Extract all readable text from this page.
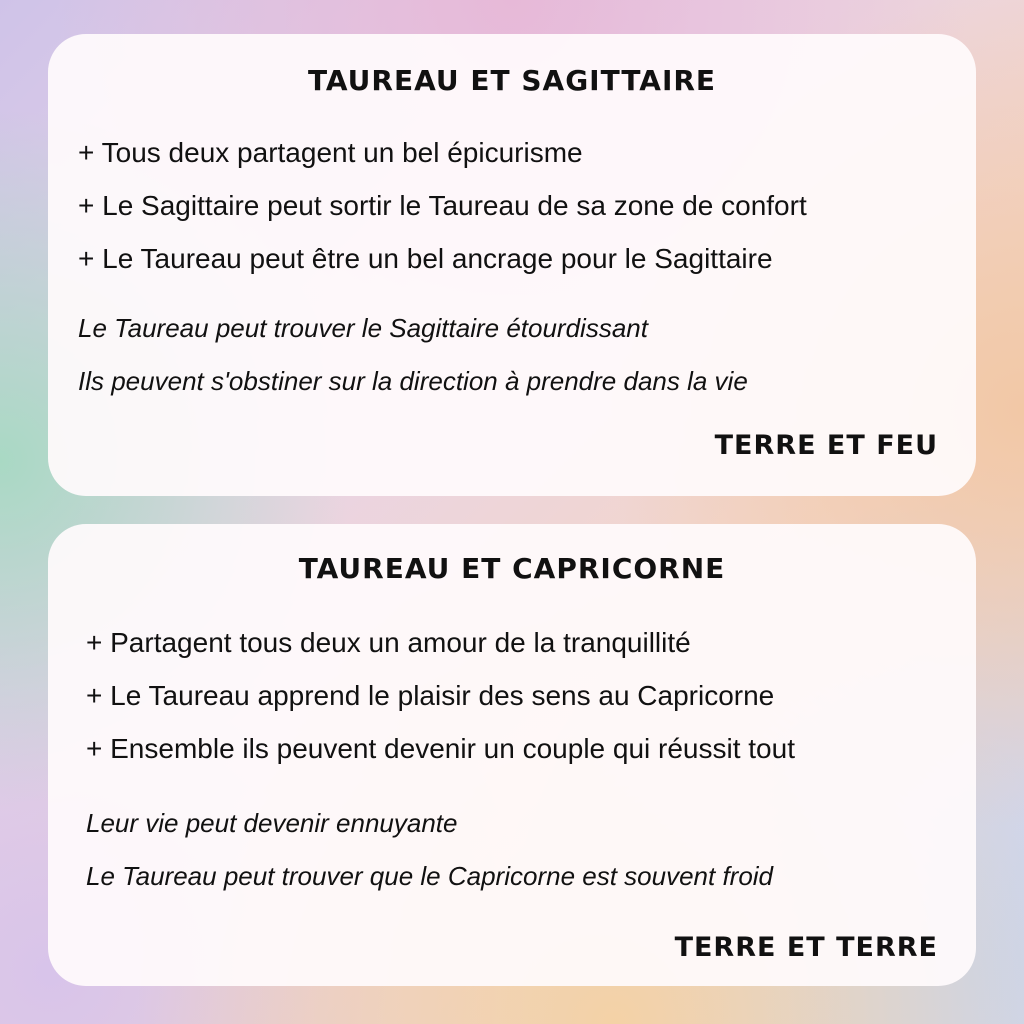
TAUREAU ET SAGITTAIRE
+ Tous deux partagent un bel épicurisme
+ Le Sagittaire peut sortir le Taureau de sa zone de confort
+ Le Taureau peut être un bel ancrage pour le Sagittaire
Le Taureau peut trouver le Sagittaire étourdissant
Ils peuvent s'obstiner sur la direction à prendre dans la vie
TERRE ET FEU
TAUREAU ET CAPRICORNE
+ Partagent tous deux un amour de la tranquillité
+ Le Taureau apprend le plaisir des sens au Capricorne
+ Ensemble ils peuvent devenir un couple qui réussit tout
Leur vie peut devenir ennuyante
Le Taureau peut trouver que le Capricorne est souvent froid
TERRE ET TERRE
